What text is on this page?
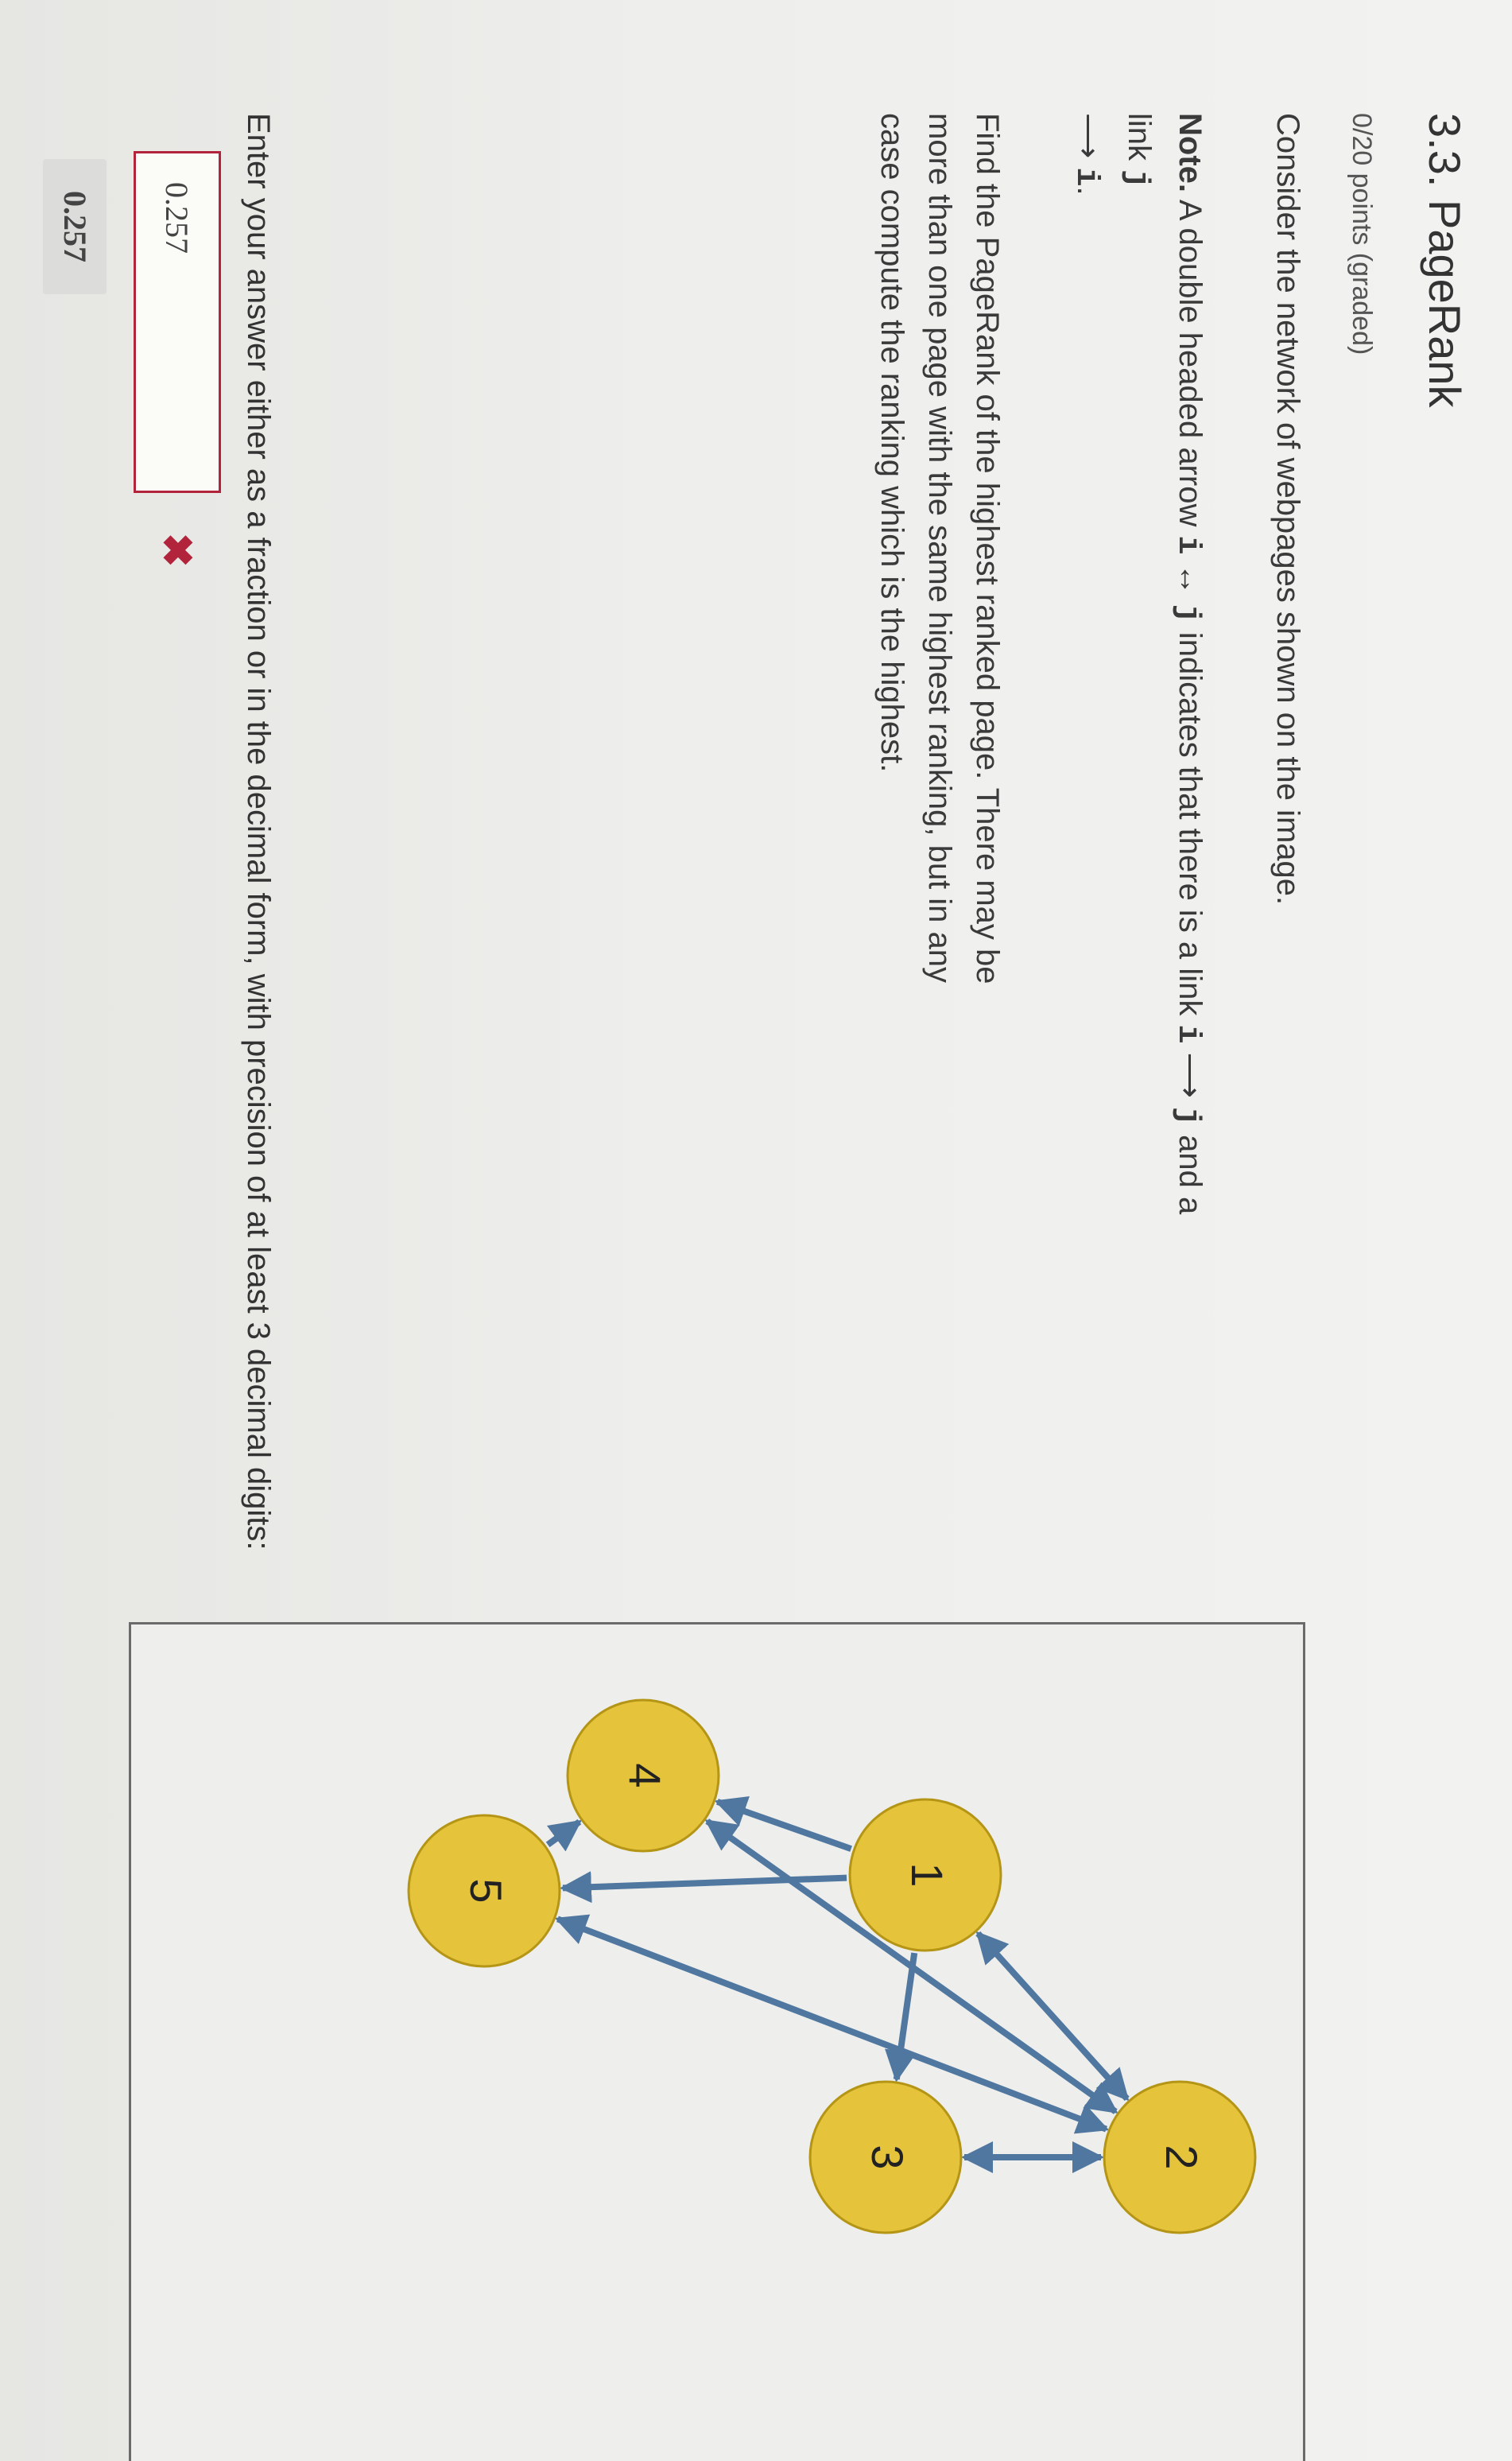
3.3. PageRank
0/20 points (graded)
Consider the network of webpages shown on the image.
Note. A double headed arrow i ↔ j indicates that there is a link i ⟶ j and a link j
⟶ i.
Find the PageRank of the highest ranked page. There may be more than one page with the same highest ranking, but in any case compute the ranking which is the highest.
1
2
3
4
5
Enter your answer either as a fraction or in the decimal form, with precision of at least 3 decimal digits:
0.257
✖
0.257
